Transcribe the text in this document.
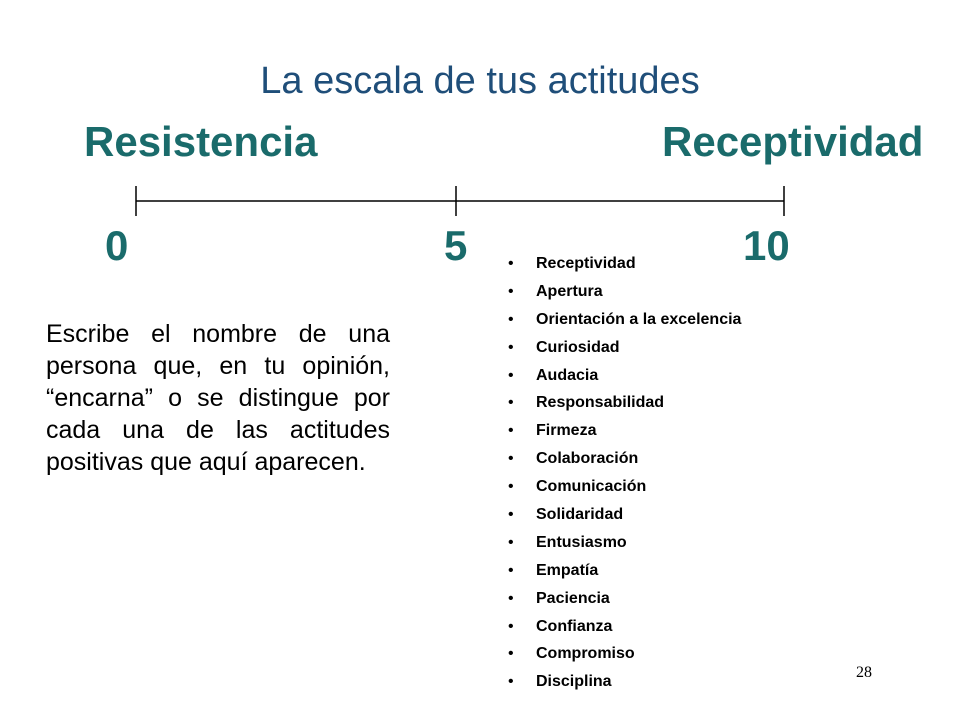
La escala de tus actitudes
Resistencia	Receptividad
0	5	10
Escribe el nombre de una persona que, en tu opinión, “encarna” o se distingue por cada una de las actitudes positivas que aquí aparecen.
• Receptividad
• Apertura
• Orientación a la excelencia
• Curiosidad
• Audacia
• Responsabilidad
• Firmeza
• Colaboración
• Comunicación
• Solidaridad
• Entusiasmo
• Empatía
• Paciencia
• Confianza
• Compromiso
• Disciplina
28
